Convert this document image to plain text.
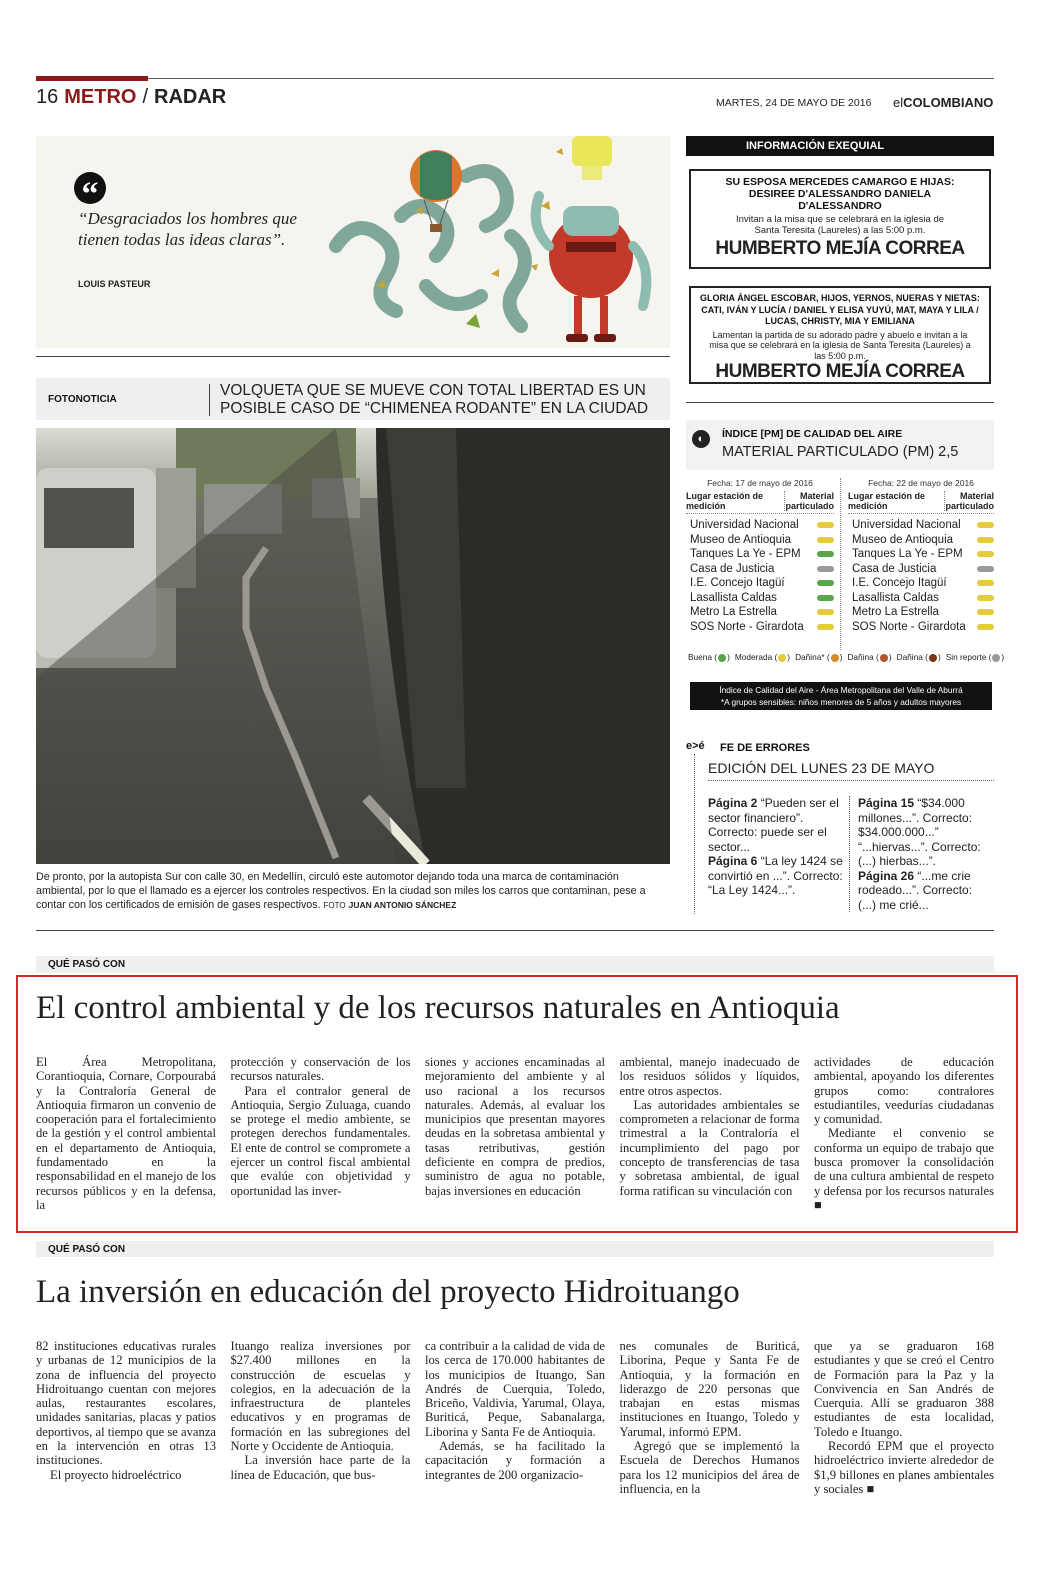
16 METRO / RADAR	MARTES, 24 DE MAYO DE 2016 elCOLOMBIANO
“
“Desgraciados los hombres que tienen todas las ideas claras”.
LOUIS PASTEUR
INFORMACIÓN EXEQUIAL
SU ESPOSA MERCEDES CAMARGO E HIJAS: DESIREE D'ALESSANDRO DANIELA D'ALESSANDRO
Invitan a la misa que se celebrará en la iglesia de Santa Teresita (Laureles) a las 5:00 p.m.
HUMBERTO MEJÍA CORREA
GLORIA ÁNGEL ESCOBAR, HIJOS, YERNOS, NUERAS Y NIETAS: CATI, IVÁN Y LUCÍA / DANIEL Y ELISA YUYÚ, MAT, MAYA Y LILA / LUCAS, CHRISTY, MIA Y EMILIANA
Lamentan la partida de su adorado padre y abuelo e invitan a la misa que se celebrará en la iglesia de Santa Teresita (Laureles) a las 5:00 p.m.
HUMBERTO MEJÍA CORREA
FOTONOTICIA
VOLQUETA QUE SE MUEVE CON TOTAL LIBERTAD ES UN POSIBLE CASO DE “CHIMENEA RODANTE” EN LA CIUDAD
De pronto, por la autopista Sur con calle 30, en Medellín, circuló este automotor dejando toda una marca de contaminación ambiental, por lo que el llamado es a ejercer los controles respectivos. En la ciudad son miles los carros que contaminan, pese a contar con los certificados de emisión de gases respectivos. FOTO JUAN ANTONIO SÁNCHEZ
◐	ÍNDICE [PM] DE CALIDAD DEL AIRE
MATERIAL PARTICULADO (PM) 2,5
Fecha: 17 de mayo de 2016
Lugar estación de medición
Material particulado
Universidad Nacional
Museo de Antioquia
Tanques La Ye - EPM
Casa de Justicia
I.E. Concejo Itagüí
Lasallista Caldas
Metro La Estrella
SOS Norte - Girardota
Fecha: 22 de mayo de 2016
Lugar estación de medición
Material particulado
Universidad Nacional
Museo de Antioquia
Tanques La Ye - EPM
Casa de Justicia
I.E. Concejo Itagüí
Lasallista Caldas
Metro La Estrella
SOS Norte - Girardota
Buena ( ) Moderada ( ) Dañina* ( ) Dañina ( ) Dañina ( ) Sin reporte ( )
Índice de Calidad del Aire - Área Metropolitana del Valle de Aburrá
*A grupos sensibles: niños menores de 5 años y adultos mayores
e>é FE DE ERRORES
EDICIÓN DEL LUNES 23 DE MAYO
Página 2 “Pueden ser el sector financiero”. Correcto: puede ser el sector...
Página 6 “La ley 1424 se convirtió en ...”. Correcto: “La Ley 1424...”.
Página 15 “$34.000 millones...”. Correcto: $34.000.000...” “...hiervas...”. Correcto: (...) hierbas...”.
Página 26 “...me crie rodeado...”. Correcto: (...) me crié...
QUÉ PASÓ CON
El control ambiental y de los recursos naturales en Antioquia

El Área Metropolitana, Corantioquia, Cornare, Corpourabá y la Contraloría General de Antioquia firmaron un convenio de cooperación para el fortalecimiento de la gestión y el control ambiental en el departamento de Antioquia, fundamentado en la responsabilidad en el manejo de los recursos públicos y en la defensa, la

protección y conservación de los recursos naturales.

Para el contralor general de Antioquia, Sergio Zuluaga, cuando se protege el medio ambiente, se protegen derechos fundamentales. El ente de control se compromete a ejercer un control fiscal ambiental que evalúe con objetividad y oportunidad las inver-

siones y acciones encaminadas al mejoramiento del ambiente y al uso racional a los recursos naturales. Además, al evaluar los municipios que presentan mayores deudas en la sobretasa ambiental y tasas retributivas, gestión deficiente en compra de predios, suministro de agua no potable, bajas inversiones en educación

ambiental, manejo inadecuado de los residuos sólidos y líquidos, entre otros aspectos.

Las autoridades ambientales se comprometen a relacionar de forma trimestral a la Contraloría el incumplimiento del pago por concepto de transferencias de tasa y sobretasa ambiental, de igual forma ratifican su vinculación con

actividades de educación ambiental, apoyando los diferentes grupos como: contralores estudiantiles, veedurías ciudadanas y comunidad.

Mediante el convenio se conforma un equipo de trabajo que busca promover la consolidación de una cultura ambiental de respeto y defensa por los recursos naturales ■

QUÉ PASÓ CON
La inversión en educación del proyecto Hidroituango

82 instituciones educativas rurales y urbanas de 12 municipios de la zona de influencia del proyecto Hidroituango cuentan con mejores aulas, restaurantes escolares, unidades sanitarias, placas y patios deportivos, al tiempo que se avanza en la intervención en otras 13 instituciones.

El proyecto hidroeléctrico

Ituango realiza inversiones por $27.400 millones en la construcción de escuelas y colegios, en la adecuación de la infraestructura de planteles educativos y en programas de formación en las subregiones del Norte y Occidente de Antioquia.

La inversión hace parte de la línea de Educación, que bus-

ca contribuir a la calidad de vida de los cerca de 170.000 habitantes de los municipios de Ituango, San Andrés de Cuerquia, Toledo, Briceño, Valdivia, Yarumal, Olaya, Buriticá, Peque, Sabanalarga, Liborina y Santa Fe de Antioquia.

Además, se ha facilitado la capacitación y formación a integrantes de 200 organizacio-

nes comunales de Buriticá, Liborina, Peque y Santa Fe de Antioquia, y la formación en liderazgo de 220 personas que trabajan en estas mismas instituciones en Ituango, Toledo y Yarumal, informó EPM.

Agregó que se implementó la Escuela de Derechos Humanos para los 12 municipios del área de influencia, en la

que ya se graduaron 168 estudiantes y que se creó el Centro de Formación para la Paz y la Convivencia en San Andrés de Cuerquia. Allí se graduaron 388 estudiantes de esta localidad, Toledo e Ituango.

Recordó EPM que el proyecto hidroeléctrico invierte alrededor de $1,9 billones en planes ambientales y sociales ■
